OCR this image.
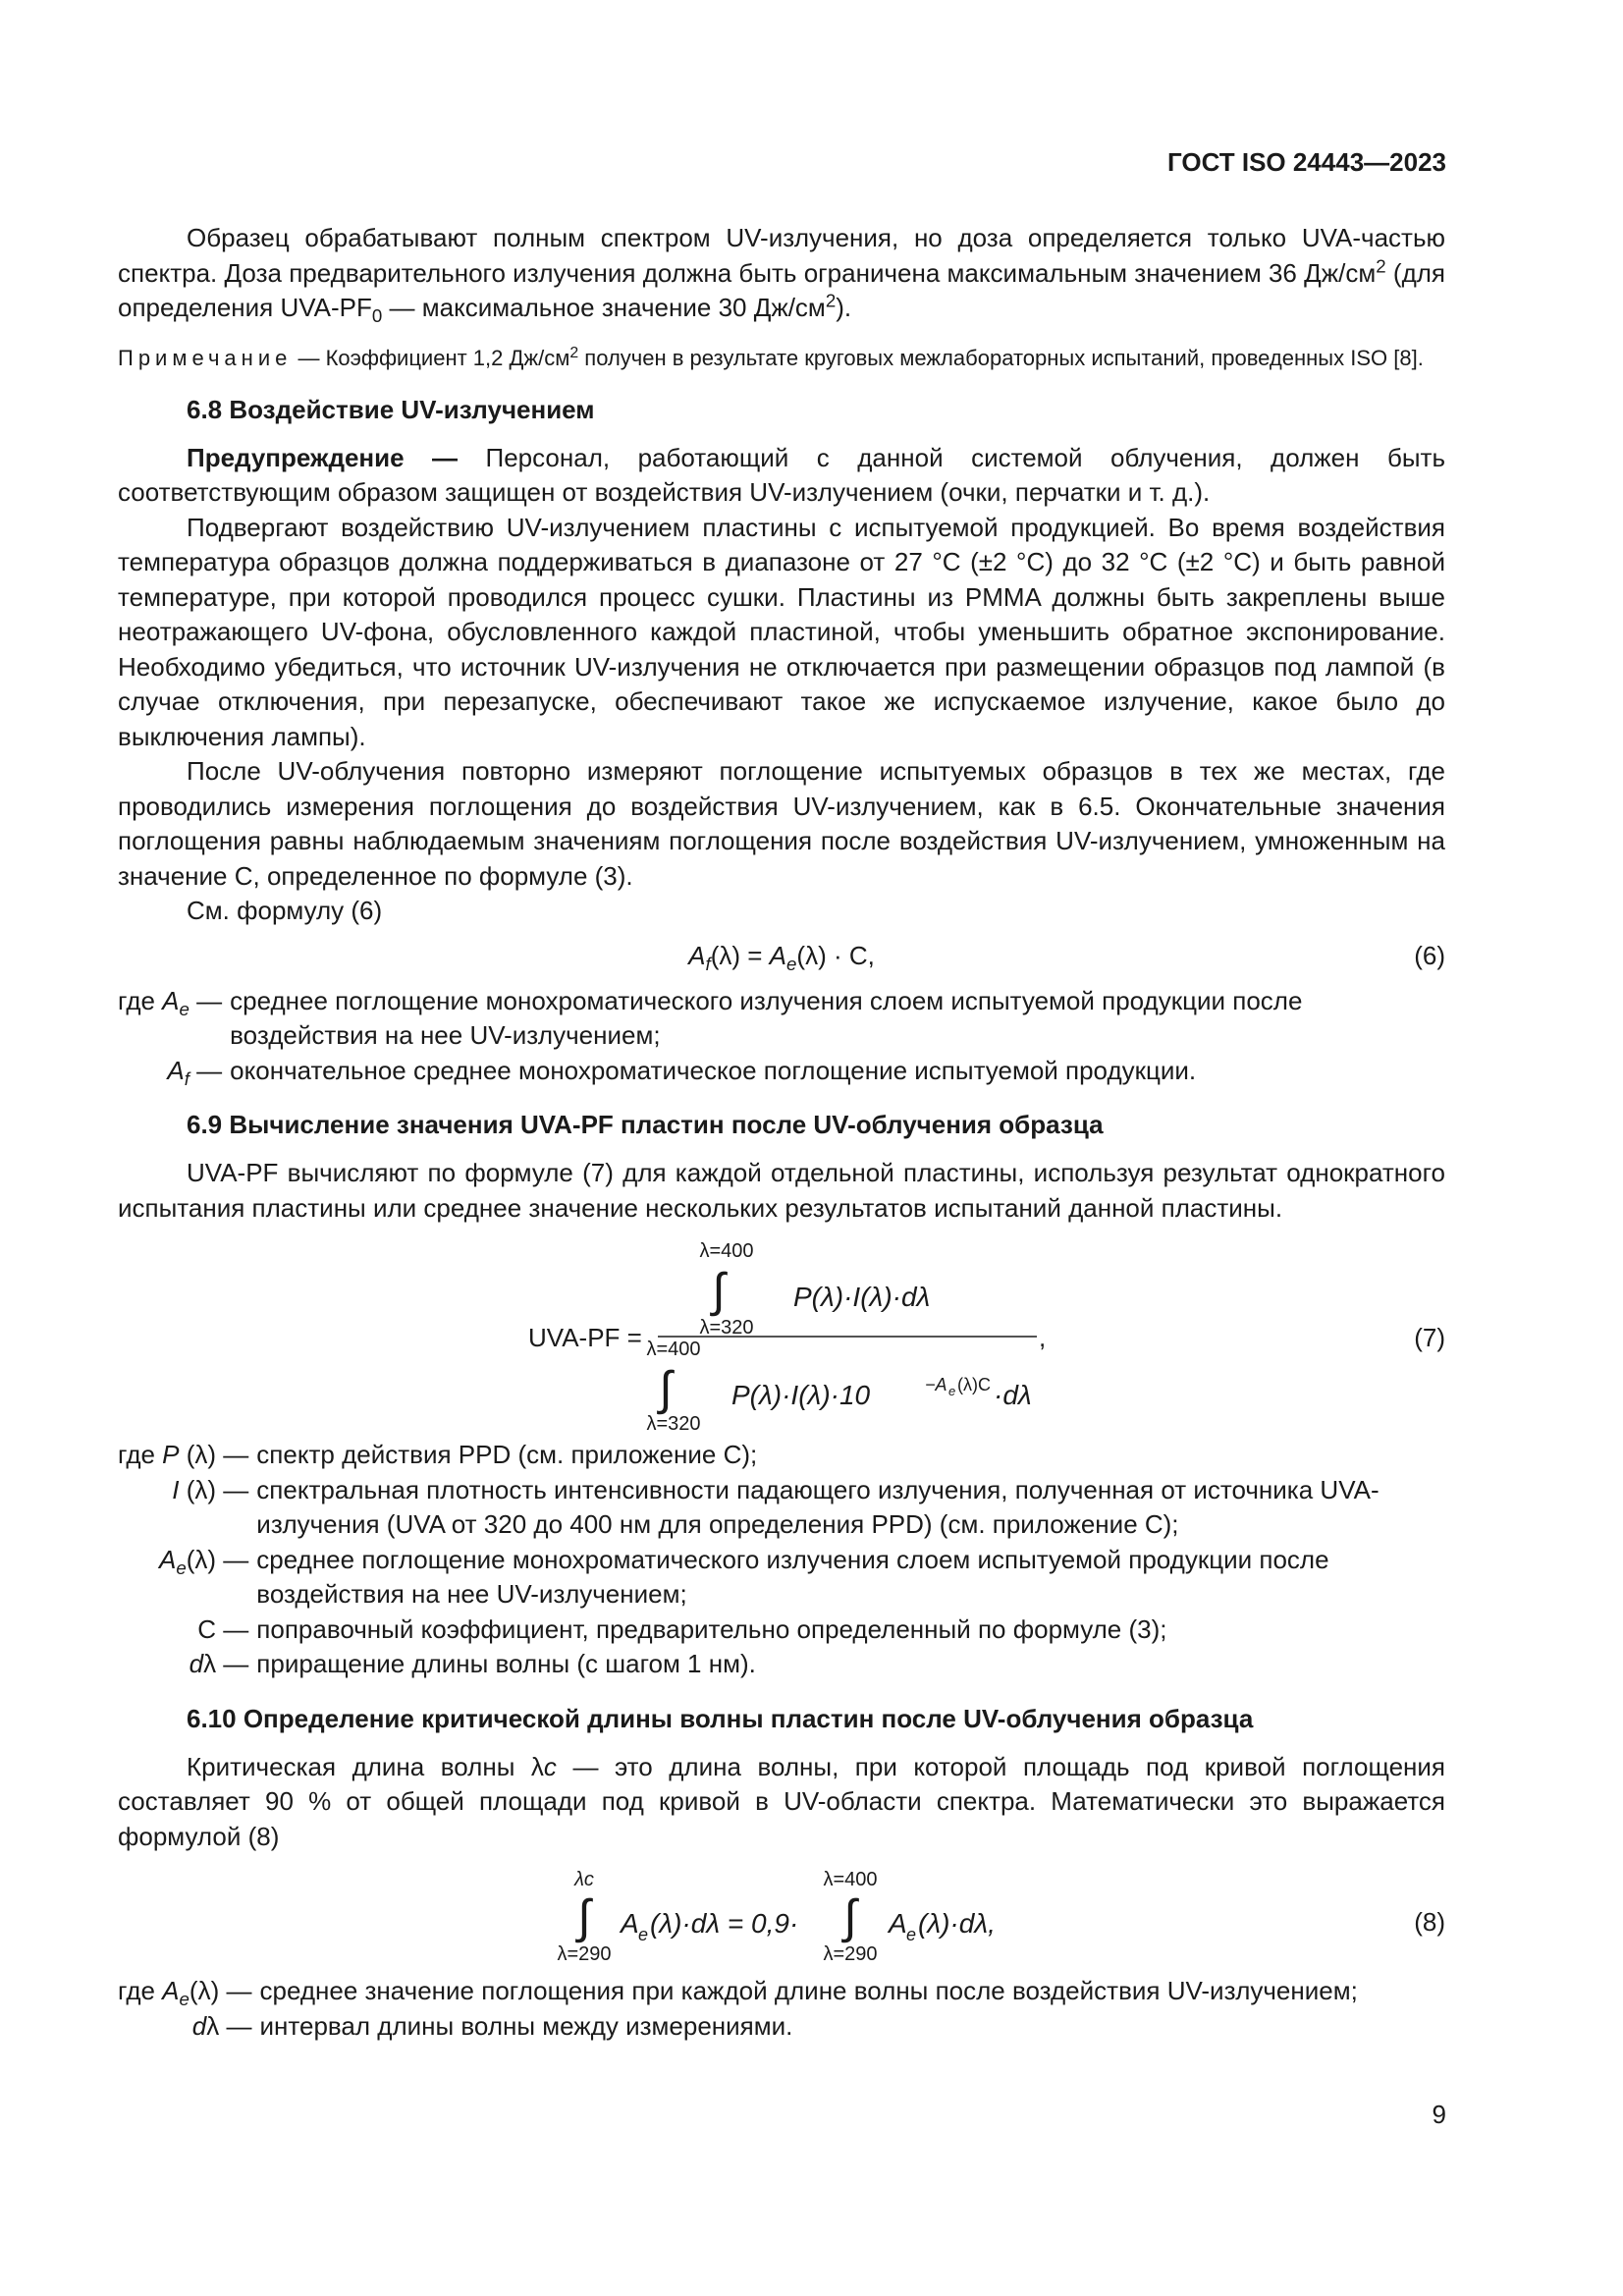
ГОСТ ISO 24443—2023

Образец обрабатывают полным спектром UV-излучения, но доза определяется только UVA-частью спектра. Доза предварительного излучения должна быть ограничена максимальным значением 36 $Дж/см^2$ (для определения UVA-$PF_0$ — максимальное значение 30 $Дж/см^2$).

Примечание — Коэффициент 1,2 $Дж/см^2$ получен в результате круговых межлабораторных испытаний, проведенных ISO [8].

6.8 Воздействие UV-излучением

Предупреждение — Персонал, работающий с данной системой облучения, должен быть соответствующим образом защищен от воздействия UV-излучением (очки, перчатки и т. д.).

Подвергают воздействию UV-излучением пластины с испытуемой продукцией. Во время воздействия температура образцов должна поддерживаться в диапазоне от 27 °C (±2 °C) до 32 °C (±2 °C) и быть равной температуре, при которой проводился процесс сушки. Пластины из PMMA должны быть закреплены выше неотражающего UV-фона, обусловленного каждой пластиной, чтобы уменьшить обратное экспонирование. Необходимо убедиться, что источник UV-излучения не отключается при размещении образцов под лампой (в случае отключения, при перезапуске, обеспечивают такое же испускаемое излучение, какое было до выключения лампы).

После UV-облучения повторно измеряют поглощение испытуемых образцов в тех же местах, где проводились измерения поглощения до воздействия UV-излучением, как в 6.5. Окончательные значения поглощения равны наблюдаемым значениям поглощения после воздействия UV-излучением, умноженным на значение C, определенное по формуле (3).

См. формулу (6)

$A_f(\lambda) = A_e(\lambda) \cdot C$,	(6)
где $A_e$ — среднее поглощение монохроматического излучения слоем испытуемой продукции после воздействия на нее UV-излучением;
$A_f$ — окончательное среднее монохроматическое поглощение испытуемой продукции.
6.9 Вычисление значения UVA-PF пластин после UV-облучения образца

UVA-PF вычисляют по формуле (7) для каждой отдельной пластины, используя результат однократного испытания пластины или среднее значение нескольких результатов испытаний данной пластины.

UVA-PF =
λ=400
∫ P(λ)·I(λ)·dλ
λ=320	,
λ=400
∫ P(λ)·I(λ)·10	−A e (λ)C ·dλ
λ=320
(7)
где P (λ) — спектр действия PPD (см. приложение C);
I (λ) — спектральная плотность интенсивности падающего излучения, полученная от источника UVA-излучения (UVA от 320 до 400 нм для определения PPD) (см. приложение C);
$A_e(\lambda)$ — среднее поглощение монохроматического излучения слоем испытуемой продукции после воздействия на нее UV-излучением;
C — поправочный коэффициент, предварительно определенный по формуле (3);
dλ — приращение длины волны (с шагом 1 нм).
6.10 Определение критической длины волны пластин после UV-облучения образца

Критическая длина волны λc — это длина волны, при которой площадь под кривой поглощения составляет 90 % от общей площади под кривой в UV-области спектра. Математически это выражается формулой (8)

λc
∫
λ=290
A e (λ)·dλ = 0,9·
λ=400
∫
λ=290
A e (λ)·dλ,	(8)
где $A_e(\lambda)$ — среднее значение поглощения при каждой длине волны после воздействия UV-излучением;
dλ — интервал длины волны между измерениями.
9
